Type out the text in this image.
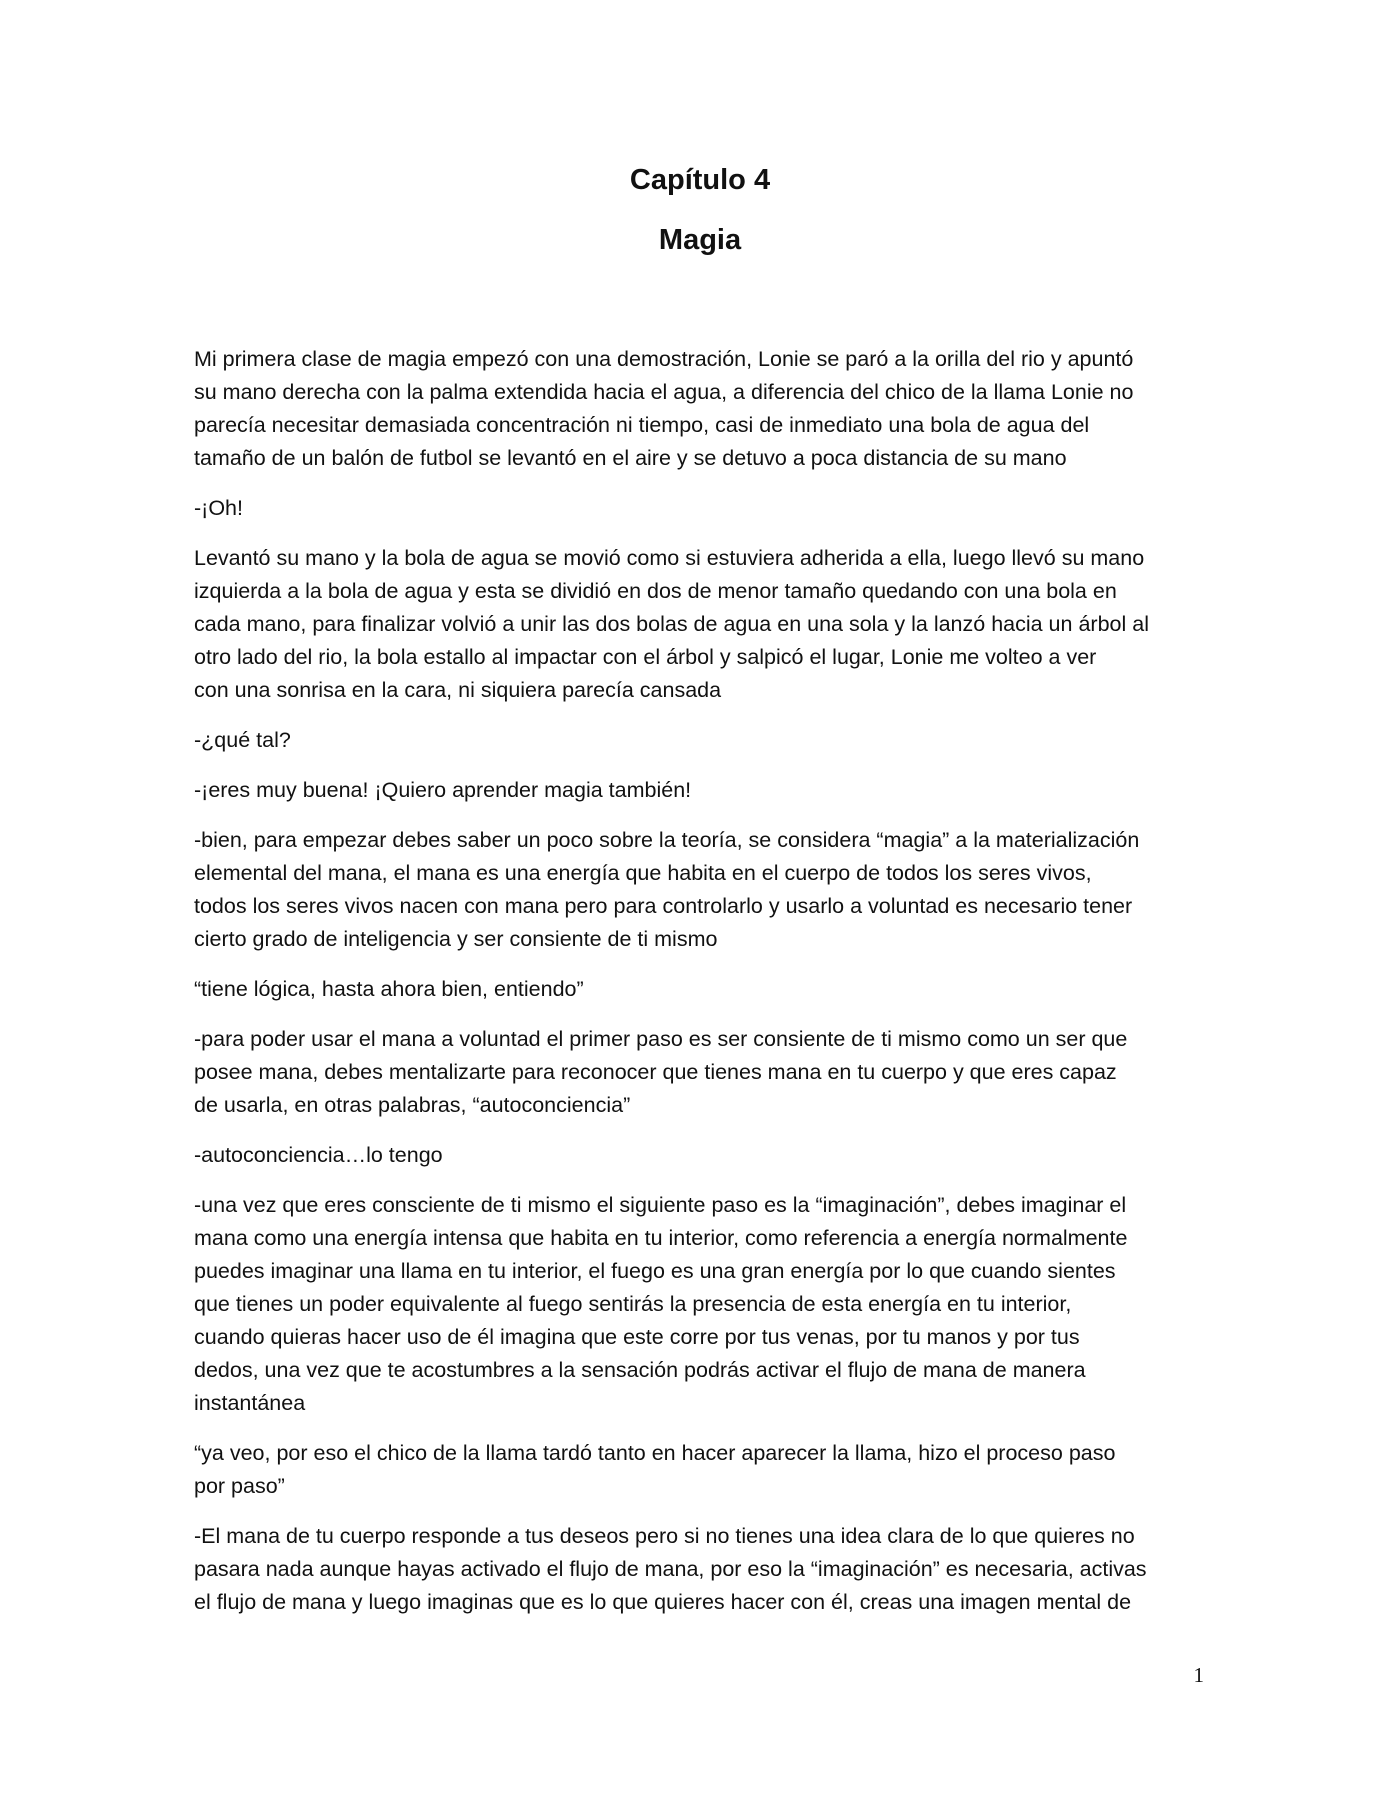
Capítulo 4
Magia

Mi primera clase de magia empezó con una demostración, Lonie se paró a la orilla del rio y apuntó
su mano derecha con la palma extendida hacia el agua, a diferencia del chico de la llama Lonie no
parecía necesitar demasiada concentración ni tiempo, casi de inmediato una bola de agua del
tamaño de un balón de futbol se levantó en el aire y se detuvo a poca distancia de su mano

-¡Oh!

Levantó su mano y la bola de agua se movió como si estuviera adherida a ella, luego llevó su mano
izquierda a la bola de agua y esta se dividió en dos de menor tamaño quedando con una bola en
cada mano, para finalizar volvió a unir las dos bolas de agua en una sola y la lanzó hacia un árbol al
otro lado del rio, la bola estallo al impactar con el árbol y salpicó el lugar, Lonie me volteo a ver
con una sonrisa en la cara, ni siquiera parecía cansada

-¿qué tal?

-¡eres muy buena! ¡Quiero aprender magia también!

-bien, para empezar debes saber un poco sobre la teoría, se considera “magia” a la materialización
elemental del mana, el mana es una energía que habita en el cuerpo de todos los seres vivos,
todos los seres vivos nacen con mana pero para controlarlo y usarlo a voluntad es necesario tener
cierto grado de inteligencia y ser consiente de ti mismo

“tiene lógica, hasta ahora bien, entiendo”

-para poder usar el mana a voluntad el primer paso es ser consiente de ti mismo como un ser que
posee mana, debes mentalizarte para reconocer que tienes mana en tu cuerpo y que eres capaz
de usarla, en otras palabras, “autoconciencia”

-autoconciencia…lo tengo

-una vez que eres consciente de ti mismo el siguiente paso es la “imaginación”, debes imaginar el
mana como una energía intensa que habita en tu interior, como referencia a energía normalmente
puedes imaginar una llama en tu interior, el fuego es una gran energía por lo que cuando sientes
que tienes un poder equivalente al fuego sentirás la presencia de esta energía en tu interior,
cuando quieras hacer uso de él imagina que este corre por tus venas, por tu manos y por tus
dedos, una vez que te acostumbres a la sensación podrás activar el flujo de mana de manera
instantánea

“ya veo, por eso el chico de la llama tardó tanto en hacer aparecer la llama, hizo el proceso paso
por paso”

-El mana de tu cuerpo responde a tus deseos pero si no tienes una idea clara de lo que quieres no
pasara nada aunque hayas activado el flujo de mana, por eso la “imaginación” es necesaria, activas
el flujo de mana y luego imaginas que es lo que quieres hacer con él, creas una imagen mental de

1
